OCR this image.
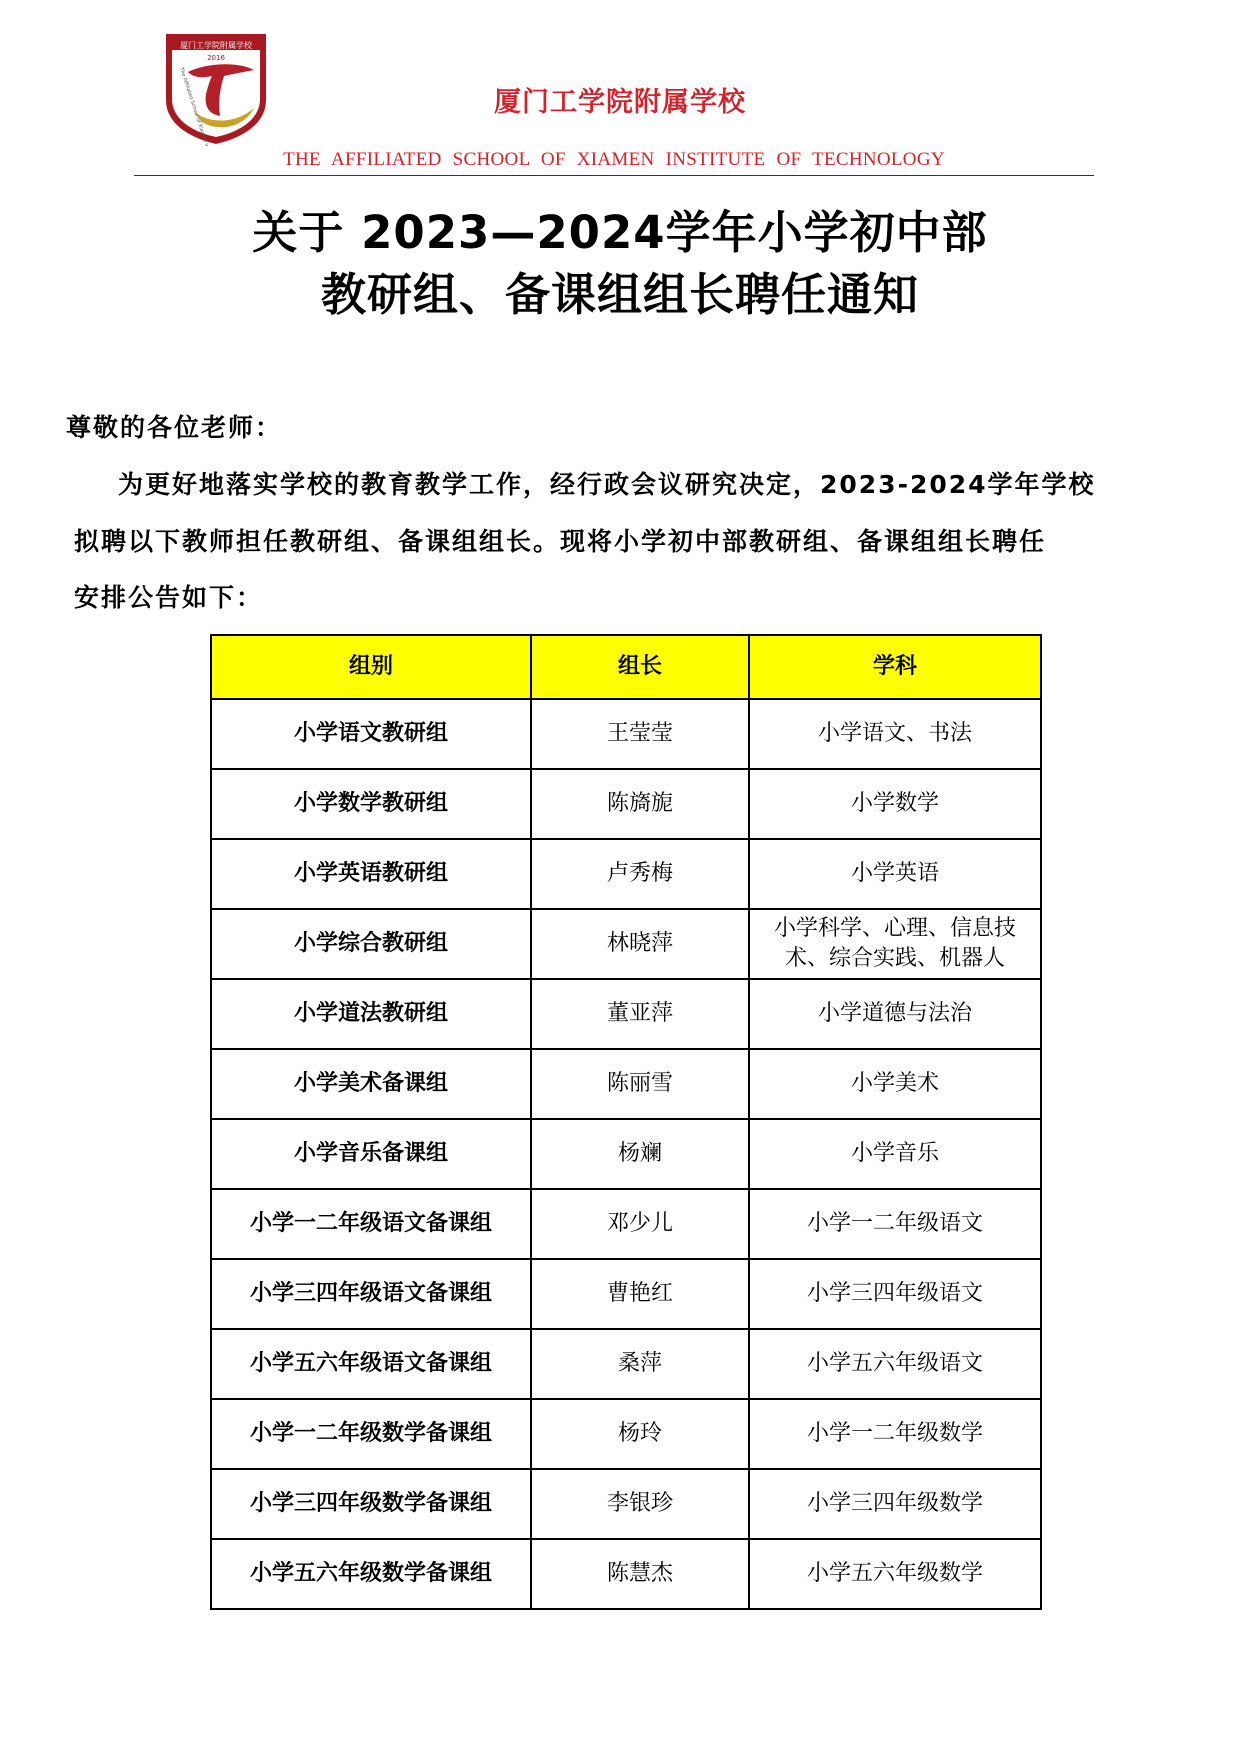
厦门工学院附属学校
2016
厦门工学院附属学校
THE AFFILIATED SCHOOL OF XIAMEN INSTITUTE OF TECHNOLOGY
关于 2023—2024学年小学初中部
教研组、备课组组长聘任通知
尊敬的各位老师：
为更好地落实学校的教育教学工作，经行政会议研究决定，2023-2024学年学校
拟聘以下教师担任教研组、备课组组长。现将小学初中部教研组、备课组组长聘任
安排公告如下：
组别	组长	学科
小学语文教研组	王莹莹	小学语文、书法
小学数学教研组	陈旖旎	小学数学
小学英语教研组	卢秀梅	小学英语
小学综合教研组	林晓萍	小学科学、心理、信息技
术、综合实践、机器人

小学道法教研组	董亚萍	小学道德与法治
小学美术备课组	陈丽雪	小学美术
小学音乐备课组	杨斓	小学音乐
小学一二年级语文备课组	邓少儿	小学一二年级语文
小学三四年级语文备课组	曹艳红	小学三四年级语文
小学五六年级语文备课组	桑萍	小学五六年级语文
小学一二年级数学备课组	杨玲	小学一二年级数学
小学三四年级数学备课组	李银珍	小学三四年级数学
小学五六年级数学备课组	陈慧杰	小学五六年级数学
